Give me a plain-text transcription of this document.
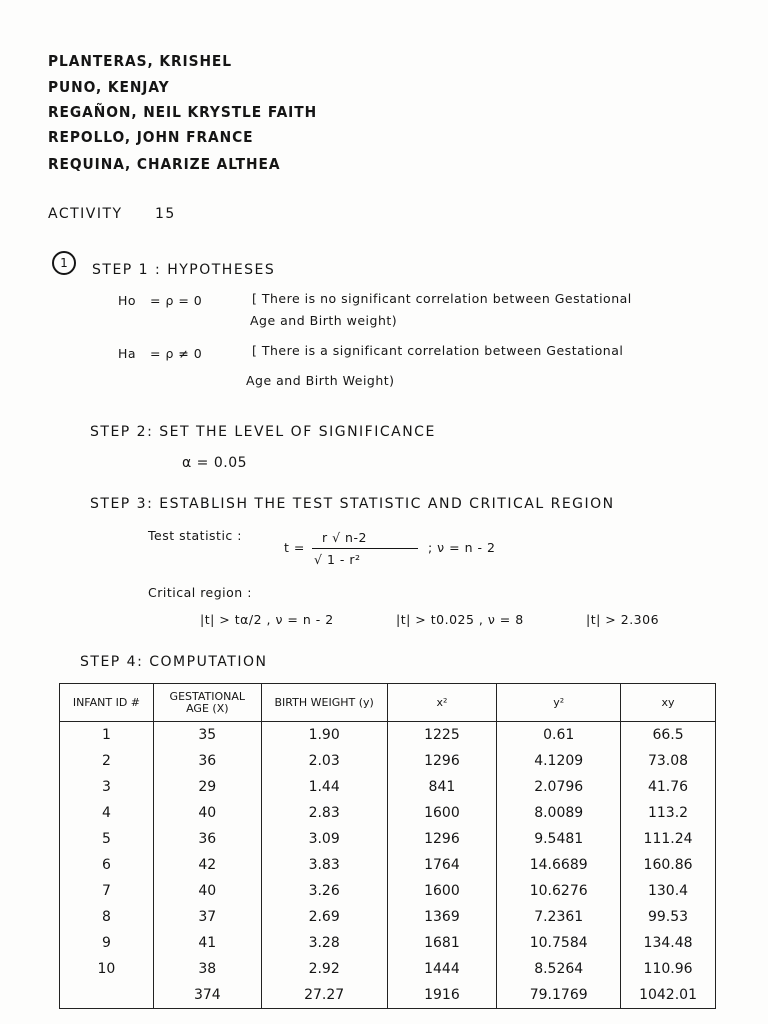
PLANTERAS, KRISHEL
PUNO, KENJAY
REGAÑON, NEIL KRYSTLE FAITH
REPOLLO, JOHN FRANCE
REQUINA, CHARIZE ALTHEA
ACTIVITY 15
1	STEP 1 : HYPOTHESES
Ho = ρ = 0	[ There is no significant correlation between Gestational
Age and Birth weight)
Ha = ρ ≠ 0	[ There is a significant correlation between Gestational
Age and Birth Weight)
STEP 2: SET THE LEVEL OF SIGNIFICANCE
α = 0.05
STEP 3: ESTABLISH THE TEST STATISTIC AND CRITICAL REGION
Test statistic :
t =
r √ n-2
√ 1 - r²
; ν = n - 2
Critical region :
|t| > tα/2 , ν = n - 2	|t| > t0.025 , ν = 8	|t| > 2.306
STEP 4: COMPUTATION
INFANT ID #	GESTATIONAL AGE (X)	BIRTH WEIGHT (y)	x²	y²	xy
1	35	1.90	1225	0.61	66.5
2	36	2.03	1296	4.1209	73.08
3	29	1.44	841	2.0796	41.76
4	40	2.83	1600	8.0089	113.2
5	36	3.09	1296	9.5481	111.24
6	42	3.83	1764	14.6689	160.86
7	40	3.26	1600	10.6276	130.4
8	37	2.69	1369	7.2361	99.53
9	41	3.28	1681	10.7584	134.48
10	38	2.92	1444	8.5264	110.96
	374	27.27	1916	79.1769	1042.01
